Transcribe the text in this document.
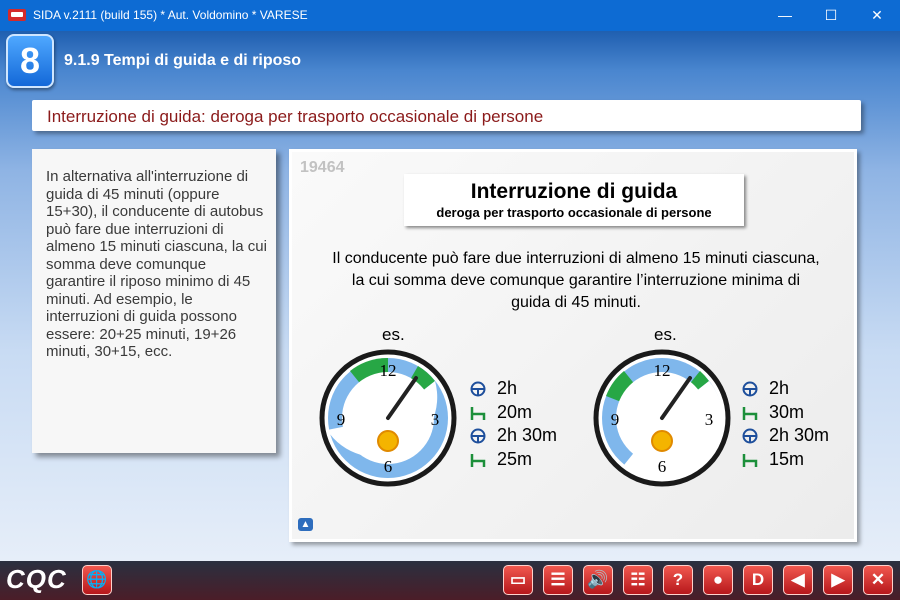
SIDA v.2111 (build 155) * Aut. Voldomino * VARESE	—	☐	✕
8	9.1.9 Tempi di guida e di riposo
Interruzione di guida: deroga per trasporto occasionale di persone

In alternativa all'interruzione di guida di 45 minuti (oppure 15+30), il conducente di autobus può fare due interruzioni di almeno 15 minuti ciascuna, la cui somma deve comunque garantire il riposo minimo di 45 minuti. Ad esempio, le interruzioni di guida possono essere: 20+25 minuti, 19+26 minuti, 30+15, ecc.

19464
Interruzione di guida
deroga per trasporto occasionale di persone

Il conducente può fare due interruzioni di almeno 15 minuti ciascuna, la cui somma deve comunque garantire l’interruzione minima di guida di 45 minuti.

es.
12
3
6
9
2h
20m
2h 30m
25m
es.
12
3
6
9
2h
30m
2h 30m
15m
▲
CQC 🌐	▭	☰	🔊	☷	?	●	D	◀	▶	✕
